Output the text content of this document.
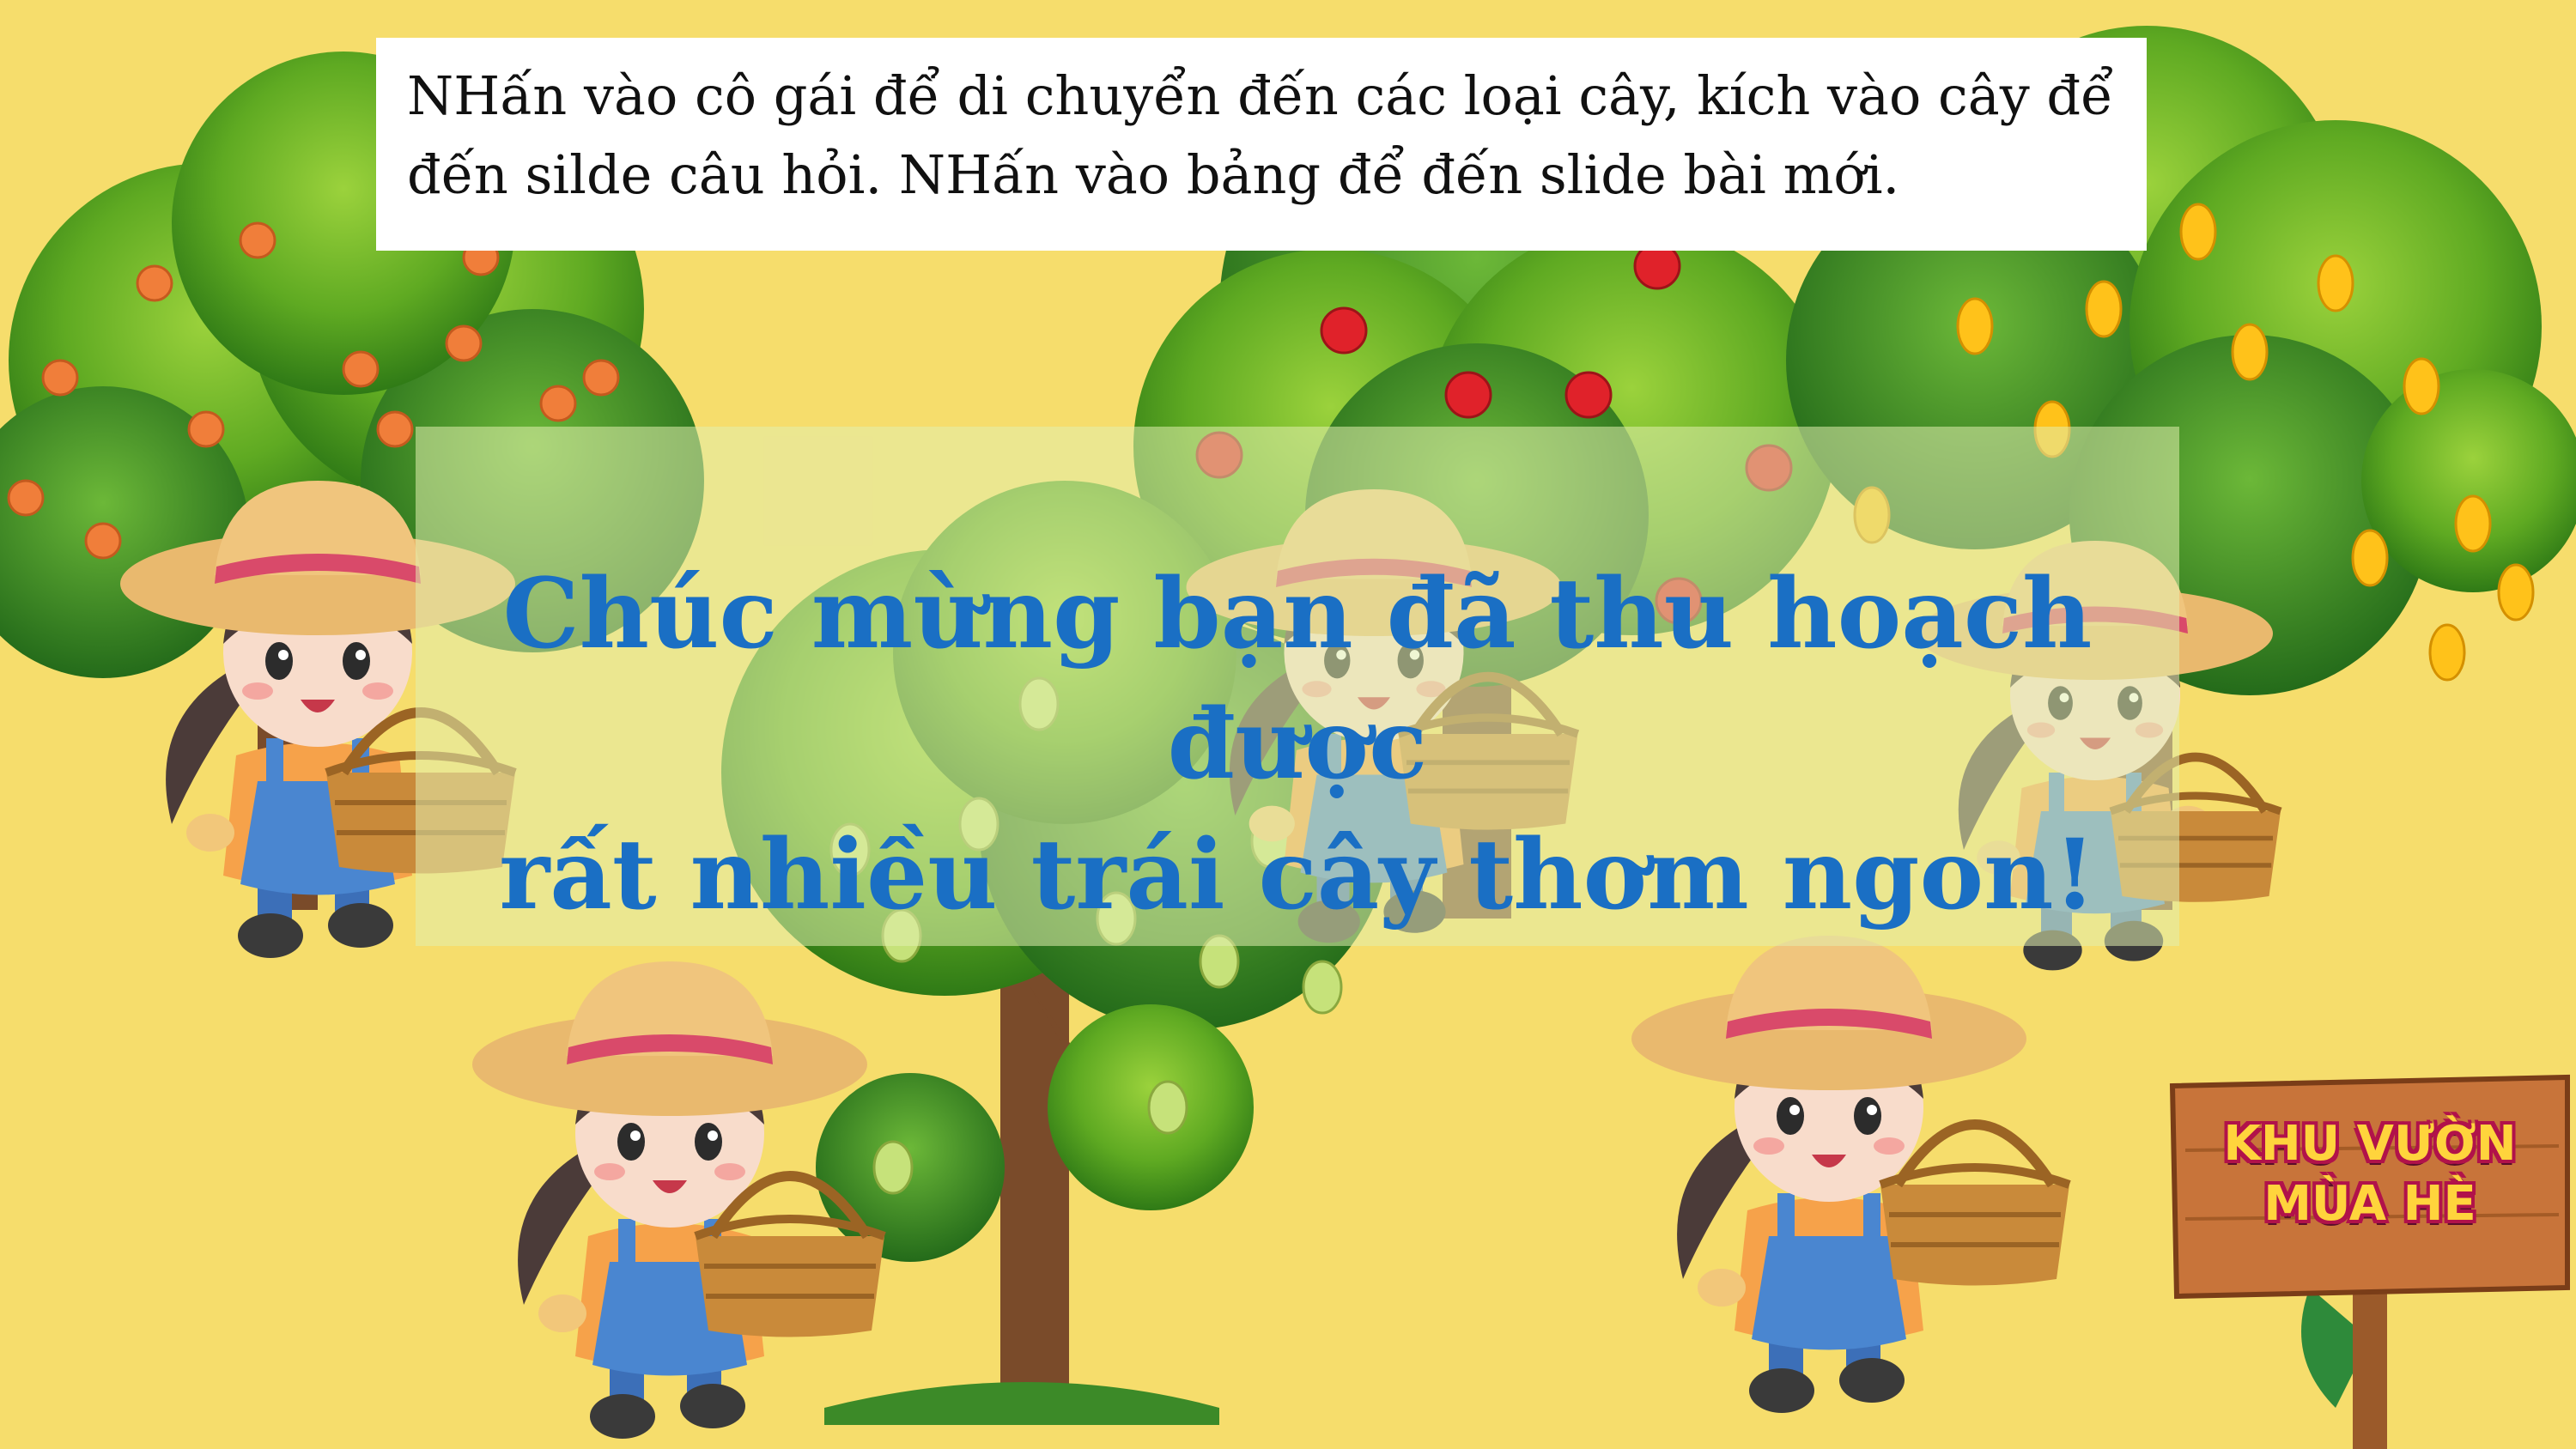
NHấn vào cô gái để di chuyển đến các loại cây, kích vào cây để
đến silde câu hỏi. NHấn vào bảng để đến slide bài mới.
Chúc mừng bạn đã thu hoạch được
rất nhiều trái cây thơm ngon!
KHU VƯỜN
MÙA HÈ
